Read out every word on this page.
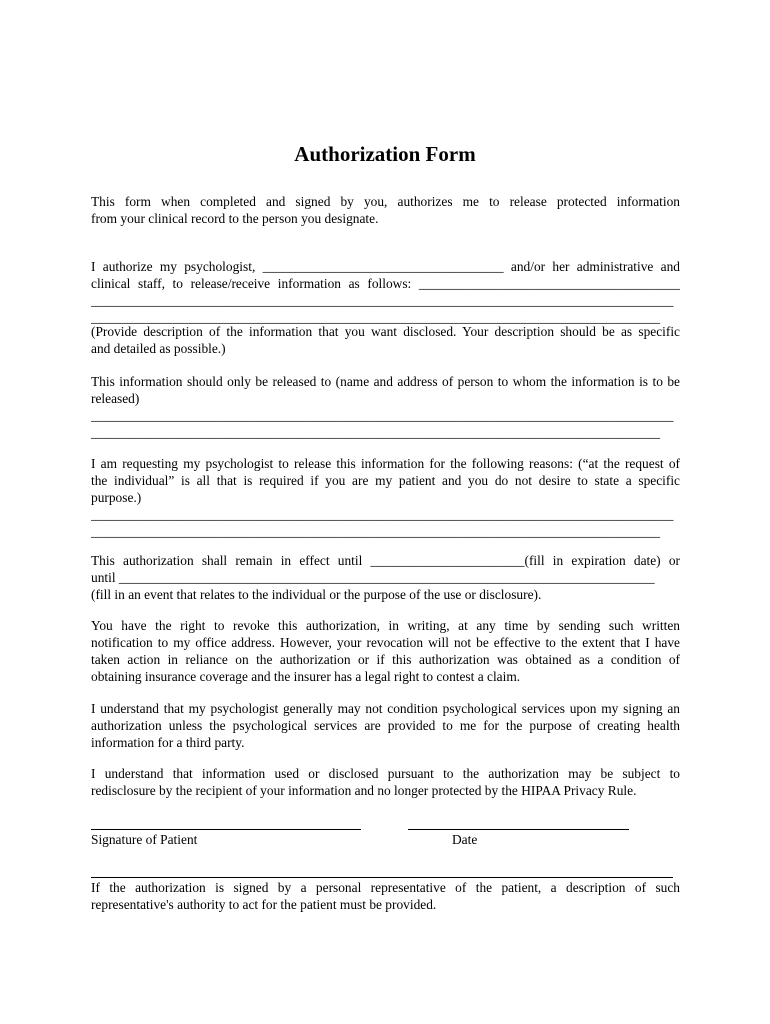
Authorization Form
This form when completed and signed by you, authorizes me to release protected information
from your clinical record to the person you designate.
I authorize my psychologist, ____________________________________ and/or her administrative and
clinical staff, to release/receive information as follows: _______________________________________
_______________________________________________________________________________________
_____________________________________________________________________________________
(Provide description of the information that you want disclosed. Your description should be as specific
and detailed as possible.)
This information should only be released to (name and address of person to whom the information is to be
released)
_______________________________________________________________________________________
_____________________________________________________________________________________
I am requesting my psychologist to release this information for the following reasons: (“at the request of
the individual” is all that is required if you are my patient and you do not desire to state a specific
purpose.)
_______________________________________________________________________________________
_____________________________________________________________________________________
This authorization shall remain in effect until _______________________(fill in expiration date) or
until ________________________________________________________________________________
(fill in an event that relates to the individual or the purpose of the use or disclosure).
You have the right to revoke this authorization, in writing, at any time by sending such written
notification to my office address. However, your revocation will not be effective to the extent that I have
taken action in reliance on the authorization or if this authorization was obtained as a condition of
obtaining insurance coverage and the insurer has a legal right to contest a claim.
I understand that my psychologist generally may not condition psychological services upon my signing an
authorization unless the psychological services are provided to me for the purpose of creating health
information for a third party.
I understand that information used or disclosed pursuant to the authorization may be subject to
redisclosure by the recipient of your information and no longer protected by the HIPAA Privacy Rule.
Signature of Patient	Date
If the authorization is signed by a personal representative of the patient, a description of such
representative's authority to act for the patient must be provided.
